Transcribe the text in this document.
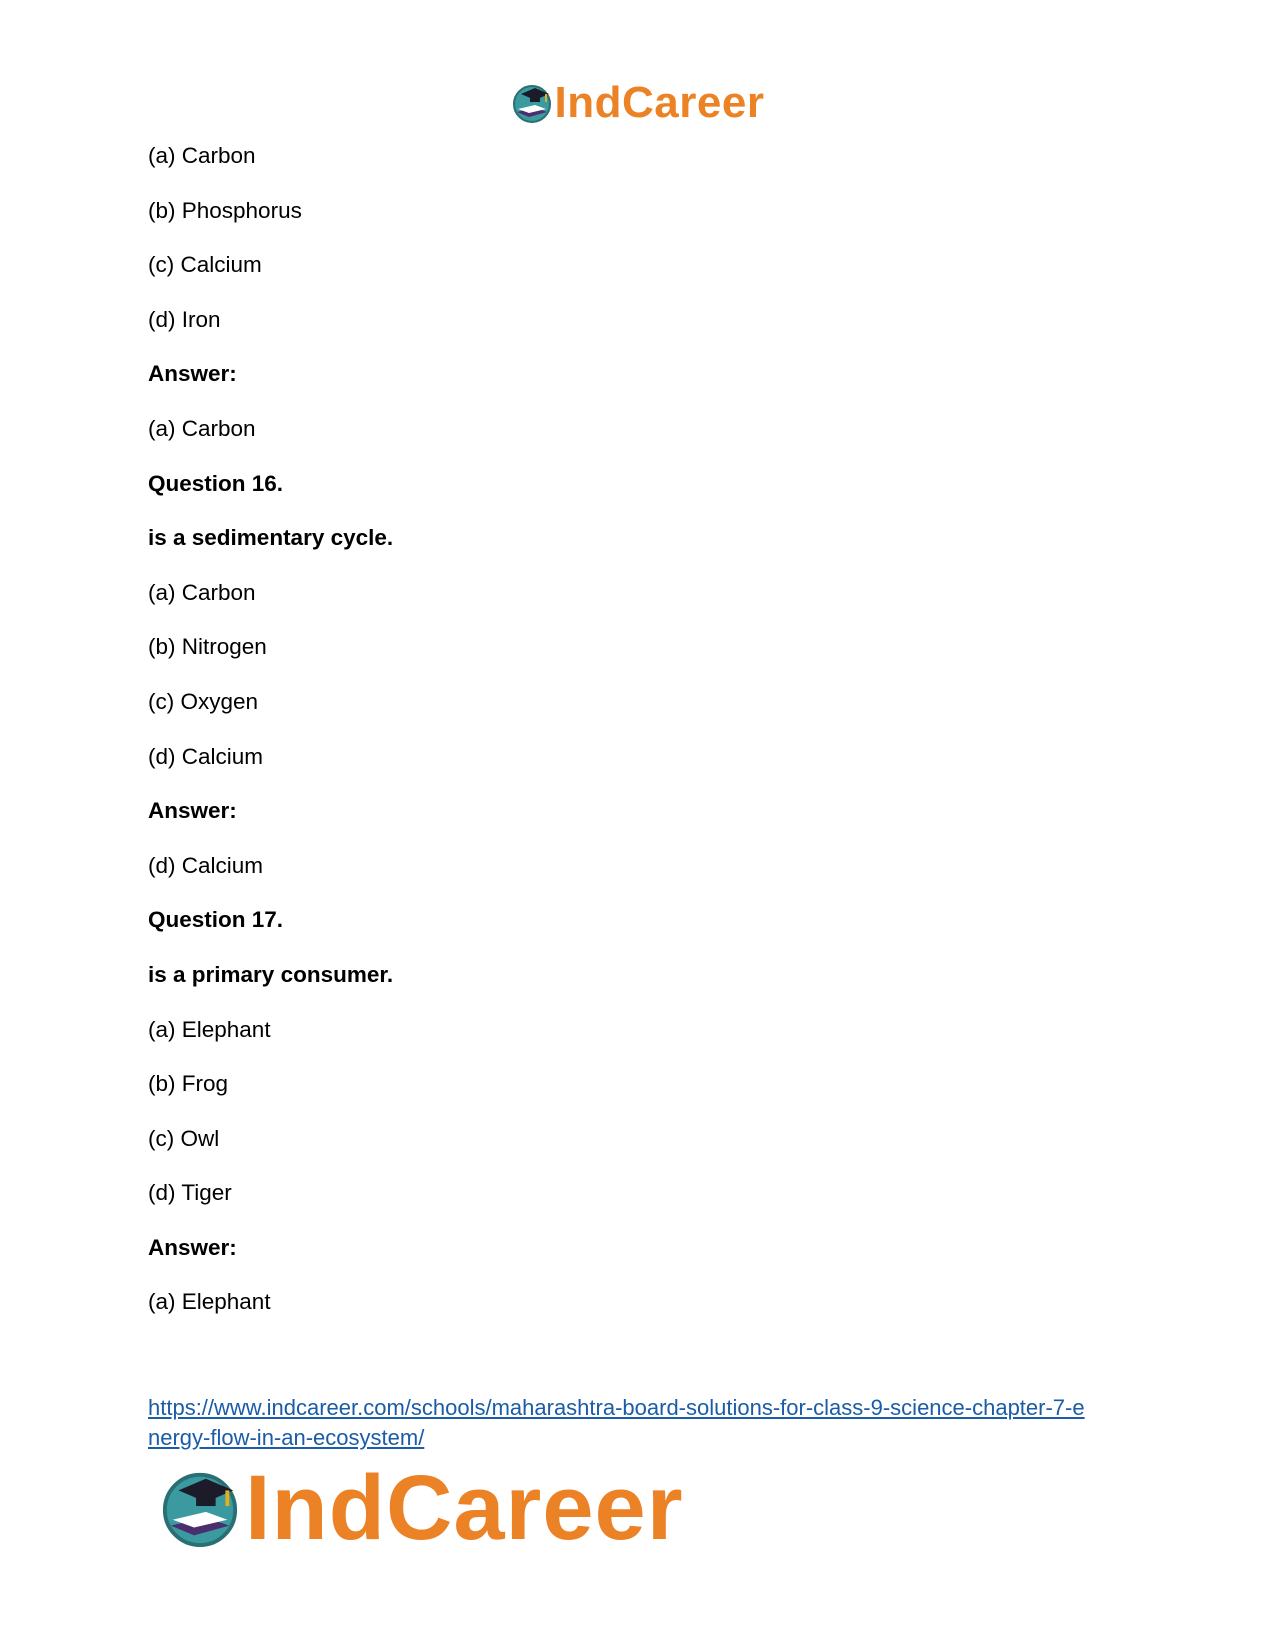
IndCareer
(a) Carbon
(b) Phosphorus
(c) Calcium
(d) Iron
Answer:
(a) Carbon
Question 16.
is a sedimentary cycle.
(a) Carbon
(b) Nitrogen
(c) Oxygen
(d) Calcium
Answer:
(d) Calcium
Question 17.
is a primary consumer.
(a) Elephant
(b) Frog
(c) Owl
(d) Tiger
Answer:
(a) Elephant
https://www.indcareer.com/schools/maharashtra-board-solutions-for-class-9-science-chapter-7-e
nergy-flow-in-an-ecosystem/
IndCareer
